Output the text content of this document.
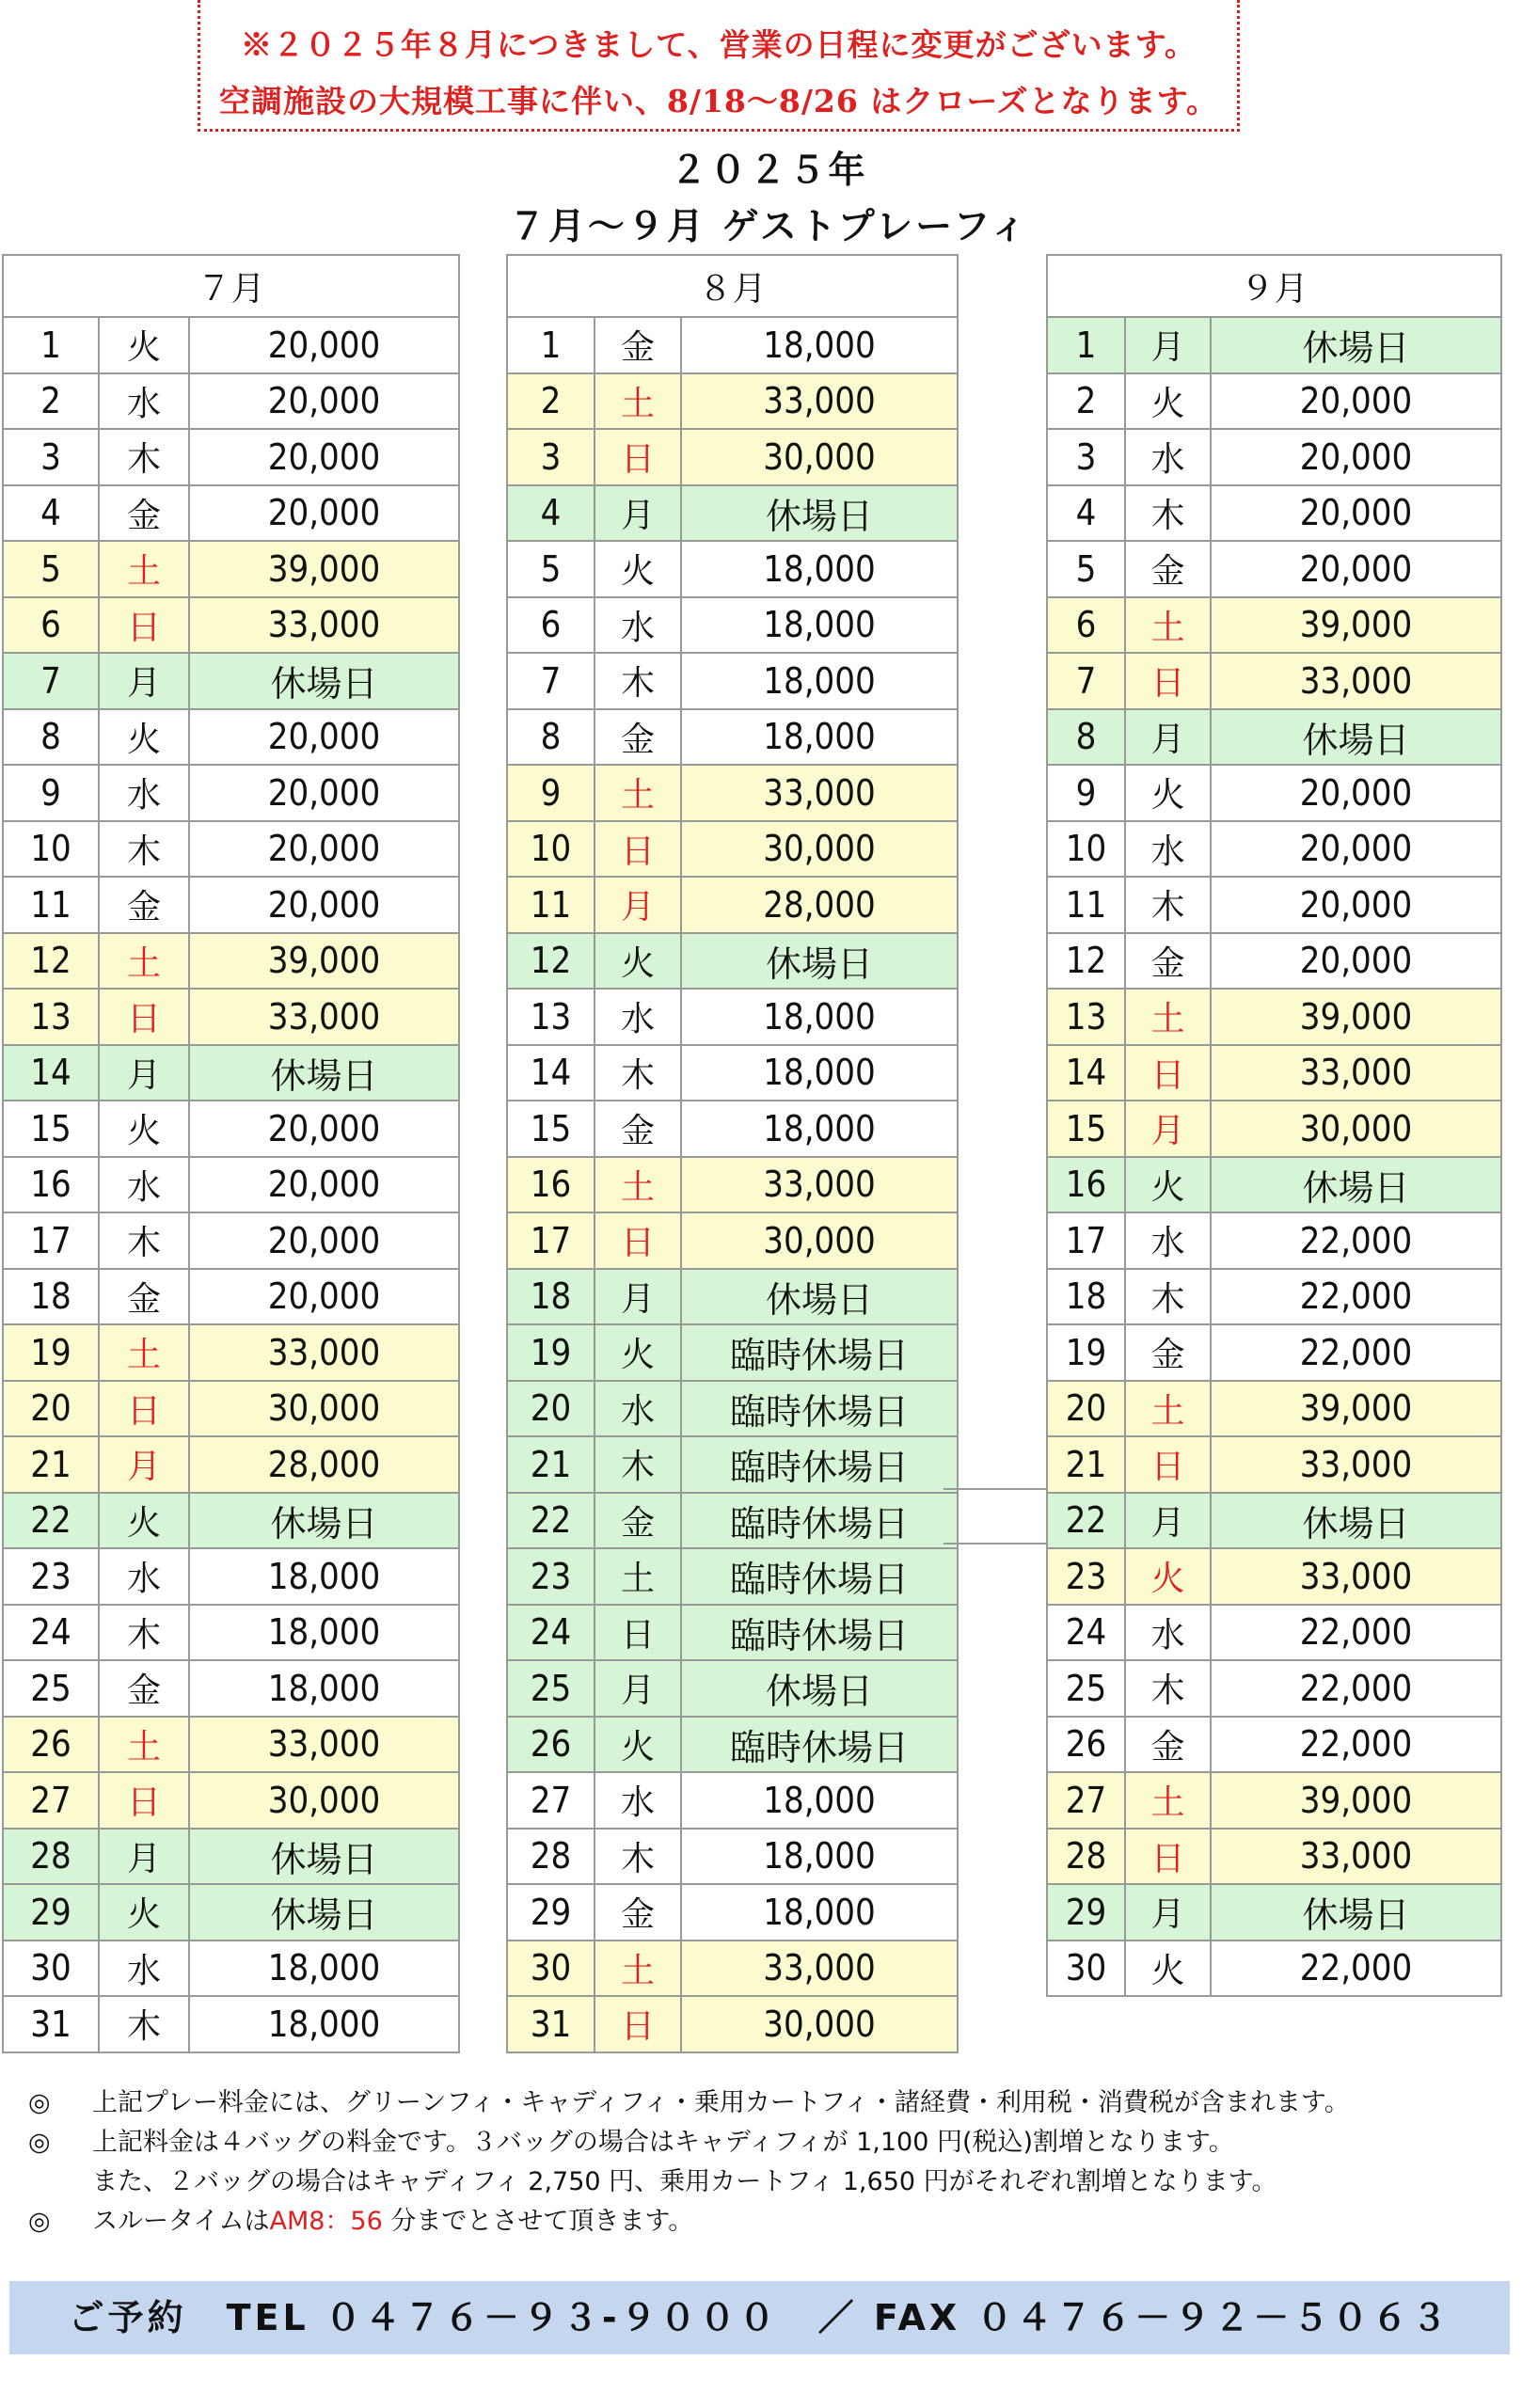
※２０２５年８月につきまして、営業の日程に変更がございます。
空調施設の大規模工事に伴い、8/18～8/26 はクローズとなります。
２０２５年
７月～９月 ゲストプレーフィ
７月		
1	火	20,000
2	水	20,000
3	木	20,000
4	金	20,000
5	土	39,000
6	日	33,000
7	月	休場日
8	火	20,000
9	水	20,000
10	木	20,000
11	金	20,000
12	土	39,000
13	日	33,000
14	月	休場日
15	火	20,000
16	水	20,000
17	木	20,000
18	金	20,000
19	土	33,000
20	日	30,000
21	月	28,000
22	火	休場日
23	水	18,000
24	木	18,000
25	金	18,000
26	土	33,000
27	日	30,000
28	月	休場日
29	火	休場日
30	水	18,000
31	木	18,000
８月		
1	金	18,000
2	土	33,000
3	日	30,000
4	月	休場日
5	火	18,000
6	水	18,000
7	木	18,000
8	金	18,000
9	土	33,000
10	日	30,000
11	月	28,000
12	火	休場日
13	水	18,000
14	木	18,000
15	金	18,000
16	土	33,000
17	日	30,000
18	月	休場日
19	火	臨時休場日
20	水	臨時休場日
21	木	臨時休場日
22	金	臨時休場日
23	土	臨時休場日
24	日	臨時休場日
25	月	休場日
26	火	臨時休場日
27	水	18,000
28	木	18,000
29	金	18,000
30	土	33,000
31	日	30,000
９月		
1	月	休場日
2	火	20,000
3	水	20,000
4	木	20,000
5	金	20,000
6	土	39,000
7	日	33,000
8	月	休場日
9	火	20,000
10	水	20,000
11	木	20,000
12	金	20,000
13	土	39,000
14	日	33,000
15	月	30,000
16	火	休場日
17	水	22,000
18	木	22,000
19	金	22,000
20	土	39,000
21	日	33,000
22	月	休場日
23	火	33,000
24	水	22,000
25	木	22,000
26	金	22,000
27	土	39,000
28	日	33,000
29	月	休場日
30	火	22,000
◎ 上記プレー料金には、グリーンフィ・キャディフィ・乗用カートフィ・諸経費・利用税・消費税が含まれます。
◎ 上記料金は４バッグの料金です。３バッグの場合はキャディフィが 1,100 円(税込)割増となります。
また、２バッグの場合はキャディフィ 2,750 円、乗用カートフィ 1,650 円がそれぞれ割増となります。
◎ スルータイムはAM8：56 分までとさせて頂きます。
ご予約　TEL ０４７６－９３-９０００　／ FAX ０４７６－９２－５０６３
